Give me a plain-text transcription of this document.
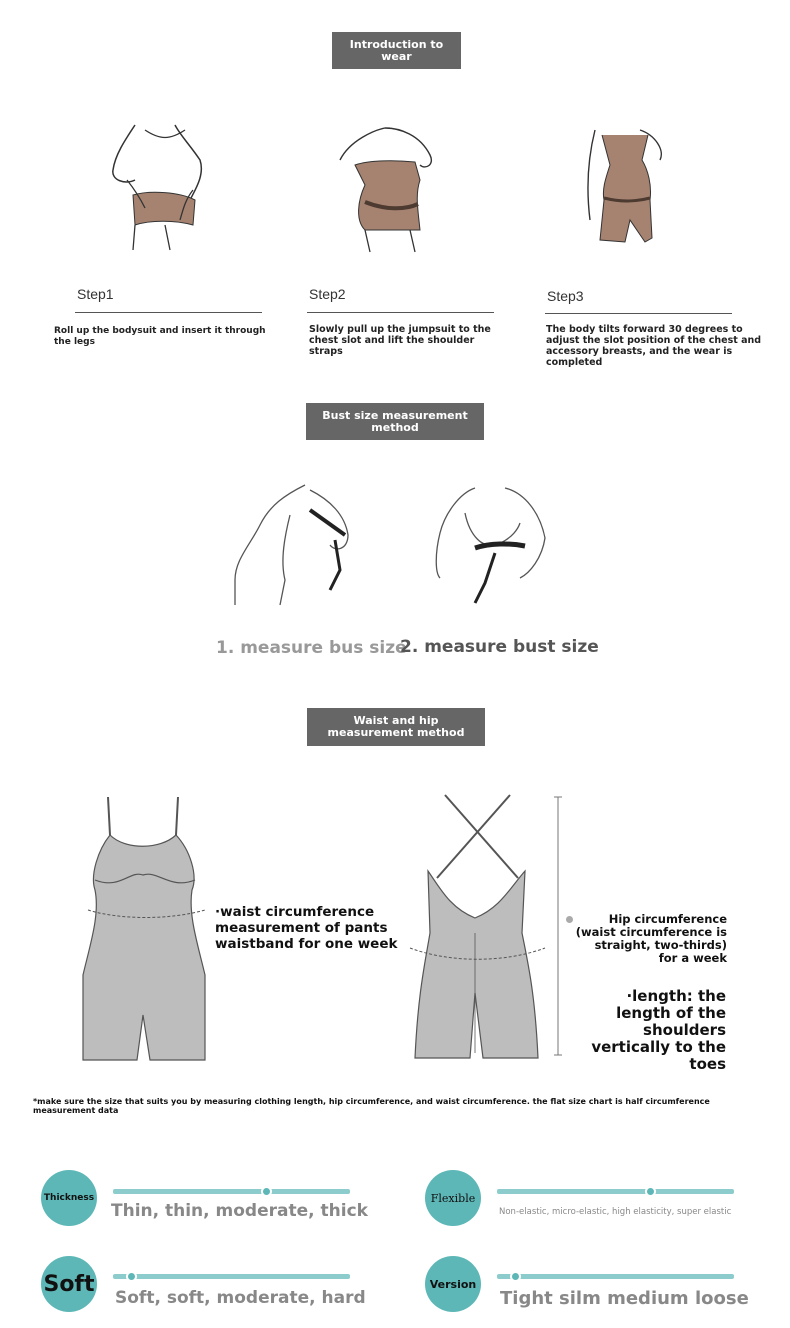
Introduction to wear
Step1
Roll up the bodysuit and insert it through the legs
Step2
Slowly pull up the jumpsuit to the chest slot and lift the shoulder straps
Step3
The body tilts forward 30 degrees to adjust the slot position of the chest and accessory breasts, and the wear is completed
Bust size measurement method
1. measure bus size
2. measure bust size
Waist and hip measurement method
·waist circumference measurement of pants waistband for one week
Hip circumference (waist circumference is straight, two-thirds) for a week
·length: the length of the shoulders vertically to the toes
*make sure the size that suits you by measuring clothing length, hip circumference, and waist circumference. the flat size chart is half circumference measurement data
Thickness
Thin, thin, moderate, thick
Flexible
Non-elastic, micro-elastic, high elasticity, super elastic
Soft
Soft, soft, moderate, hard
Version
Tight silm medium loose
